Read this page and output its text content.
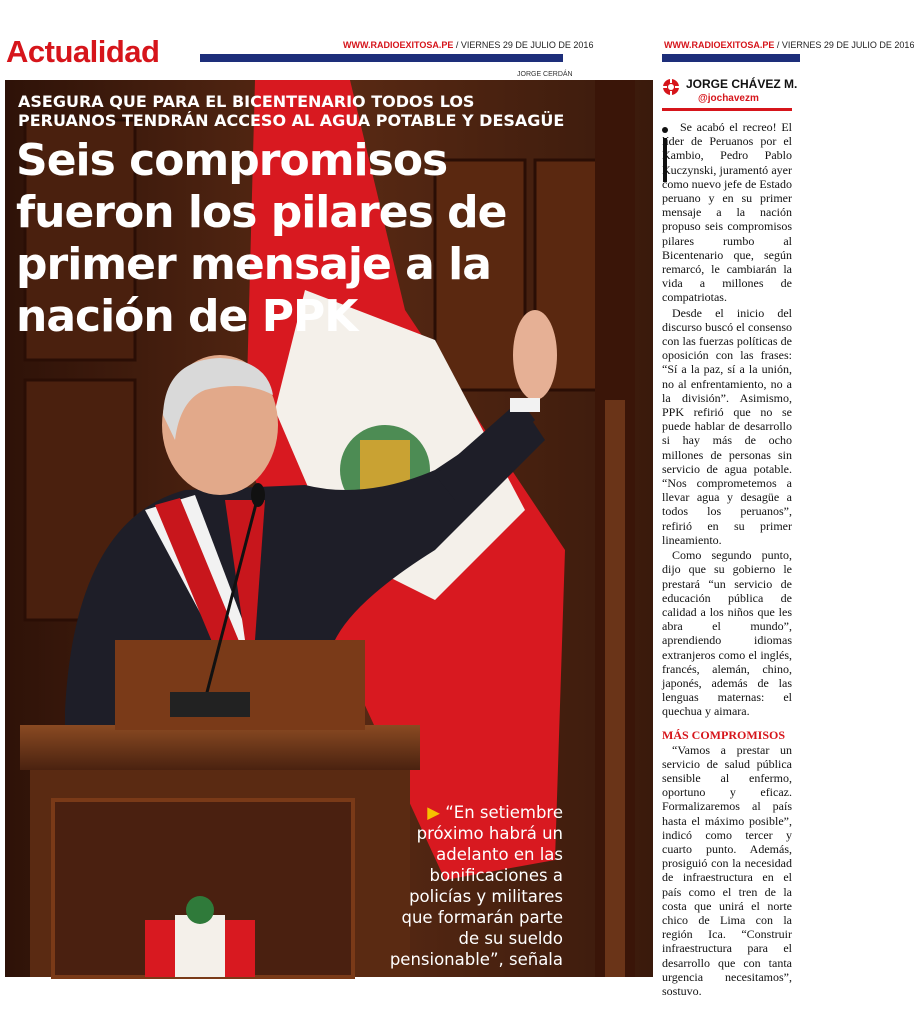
Actualidad	WWW.RADIOEXITOSA.PE / VIERNES 29 DE JULIO DE 2016	WWW.RADIOEXITOSA.PE / VIERNES 29 DE JULIO DE 2016
JORGE CERDÁN
ASEGURA QUE PARA EL BICENTENARIO TODOS LOS PERUANOS TENDRÁN ACCESO AL AGUA POTABLE Y DESAGÜE
Seis compromisos fueron los pilares de primer mensaje a la nación de PPK
▶ “En setiembre próximo habrá un adelanto en las bonificaciones a policías y militares que formarán parte de su sueldo pensionable”, señala
JORGE CHÁVEZ M.
@jochavezm

Se acabó el recreo! El líder de Peruanos por el Kambio, Pedro Pablo Kuczynski, juramentó ayer como nuevo jefe de Estado peruano y en su primer mensaje a la nación propuso seis compromisos pilares rumbo al Bicentenario que, según remarcó, le cambiarán la vida a millones de compatriotas.

Desde el inicio del discurso buscó el consenso con las fuerzas políticas de oposición con las frases: “Sí a la paz, sí a la unión, no al enfrentamiento, no a la división”. Asimismo, PPK refirió que no se puede hablar de desarrollo si hay más de ocho millones de personas sin servicio de agua potable. “Nos comprometemos a llevar agua y desagüe a todos los peruanos”, refirió en su primer lineamiento.

Como segundo punto, dijo que su gobierno le prestará “un servicio de educación pública de calidad a los niños que les abra el mundo”, aprendiendo idiomas extranjeros como el inglés, francés, alemán, chino, japonés, además de las lenguas maternas: el quechua y aimara.

MÁS COMPROMISOS

“Vamos a prestar un servicio de salud pública sensible al enfermo, oportuno y eficaz. Formalizaremos al país hasta el máximo posible”, indicó como tercer y cuarto punto. Además, prosiguió con la necesidad de infraestructura en el país como el tren de la costa que unirá el norte chico de Lima con la región Ica. “Construir infraestructura para el desarrollo que con tanta urgencia necesitamos”, sostuvo.
